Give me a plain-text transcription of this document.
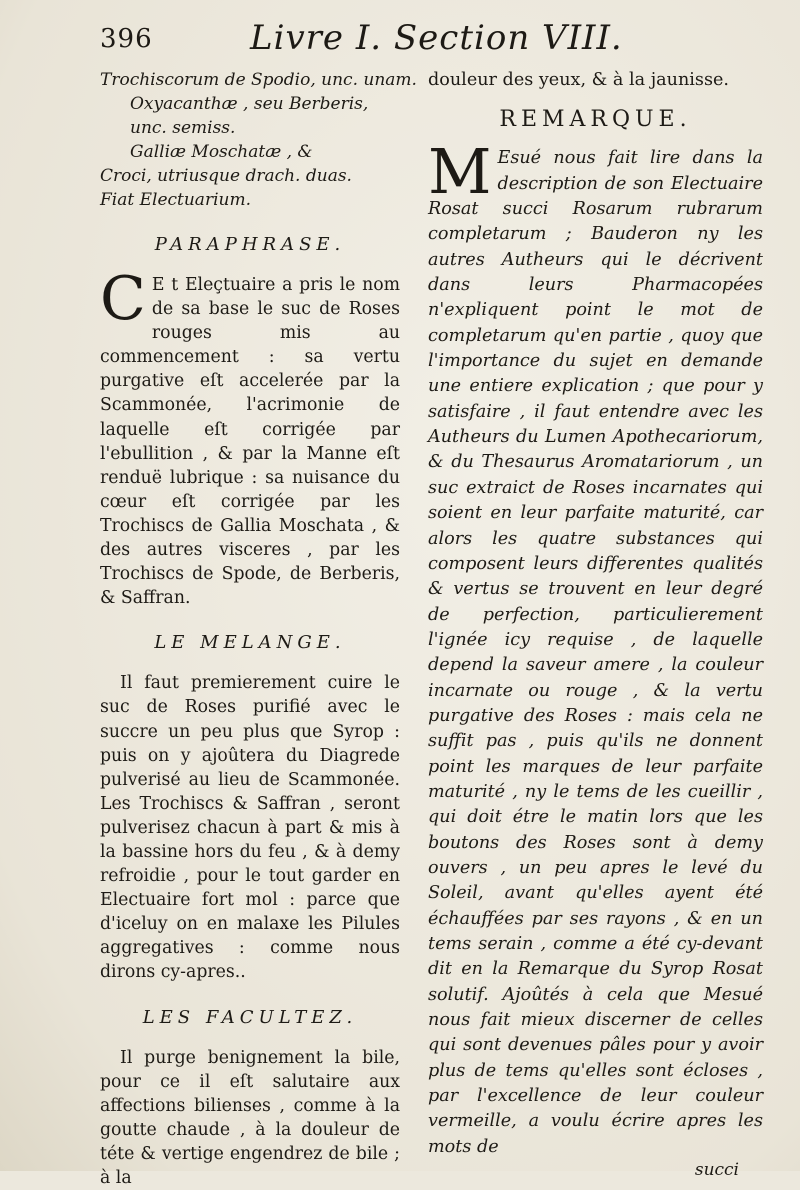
396	Livre I. Section VIII.
Trochiscorum de Spodio, unc. unam.
Oxyacanthæ , seu Berberis,
unc. semiss.
Galliæ Moschatæ , &
Croci, utriusque drach. duas.
Fiat Electuarium.
PARAPHRASE.

C E t Eleçtuaire a pris le nom de sa base le suc de Roses rouges mis au commencement : sa vertu purgative eſt accelerée par la Scammonée, l'acrimonie de laquelle eſt corrigée par l'ebullition , & par la Manne eſt renduë lubrique : sa nuisance du cœur eſt corrigée par les Trochiscs de Gallia Moschata , & des autres visceres , par les Trochiscs de Spode, de Berberis, & Saffran.

LE MELANGE.

Il faut premierement cuire le suc de Roses purifié avec le succre un peu plus que Syrop : puis on y ajoûtera du Diagrede pulverisé au lieu de Scammonée. Les Trochiscs & Saffran , seront pulverisez chacun à part & mis à la bassine hors du feu , & à demy refroidie , pour le tout garder en Electuaire fort mol : parce que d'iceluy on en malaxe les Pilules aggregatives : comme nous dirons cy-apres..

LES FACULTEZ.

Il purge benignement la bile, pour ce il eſt salutaire aux affections bilienses , comme à la goutte chaude , à la douleur de téte & vertige engendrez de bile ; à la

douleur des yeux, & à la jaunisse.

REMARQUE.

M Esué nous fait lire dans la description de son Electuaire Rosat succi Rosarum rubrarum completarum ; Bauderon ny les autres Autheurs qui le décrivent dans leurs Pharmacopées n'expliquent point le mot de completarum qu'en partie , quoy que l'importance du sujet en demande une entiere explication ; que pour y satisfaire , il faut entendre avec les Autheurs du Lumen Apothecariorum, & du Thesaurus Aromatariorum , un suc extraict de Roses incarnates qui soient en leur parfaite maturité, car alors les quatre substances qui composent leurs differentes qualités & vertus se trouvent en leur degré de perfection, particulierement l'ignée icy requise , de laquelle depend la saveur amere , la couleur incarnate ou rouge , & la vertu purgative des Roses : mais cela ne suffit pas , puis qu'ils ne donnent point les marques de leur parfaite maturité , ny le tems de les cueillir , qui doit étre le matin lors que les boutons des Roses sont à demy ouvers , un peu apres le levé du Soleil, avant qu'elles ayent été échauffées par ses rayons , & en un tems serain , comme a été cy-devant dit en la Remarque du Syrop Rosat solutif. Ajoûtés à cela que Mesué nous fait mieux discerner de celles qui sont devenues pâles pour y avoir plus de tems qu'elles sont écloses , par l'excellence de leur couleur vermeille, a voulu écrire apres les mots de

succi
